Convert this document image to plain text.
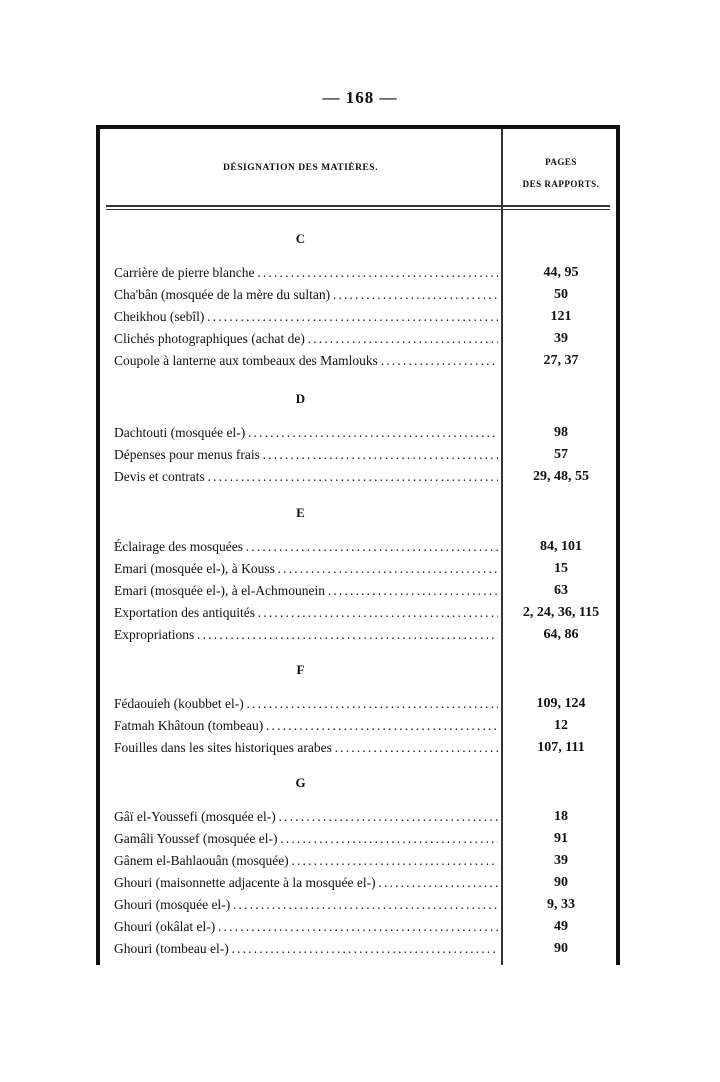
— 168 —
DÉSIGNATION DES MATIÈRES.
PAGES
DES RAPPORTS.
C
Carrière de pierre blanche . . .	44, 95
Cha'bân (mosquée de la mère du sultan) . . .	50
Cheikhou (sebîl) . . .	121
Clichés photographiques (achat de) . . .	39
Coupole à lanterne aux tombeaux des Mamlouks . . .	27, 37
D
Dachtouti (mosquée el-) . . .	98
Dépenses pour menus frais . . .	57
Devis et contrats . . .	29, 48, 55
E
Éclairage des mosquées . . .	84, 101
Emari (mosquée el-), à Kouss . . .	15
Emari (mosquée el-), à el-Achmounein . . .	63
Exportation des antiquités . . .	2, 24, 36, 115
Expropriations . . .	64, 86
F
Fédaouieh (koubbet el-) . . .	109, 124
Fatmah Khâtoun (tombeau) . . .	12
Fouilles dans les sites historiques arabes . . .	107, 111
G
Gâï el-Youssefi (mosquée el-) . . .	18
Gamâli Youssef (mosquée el-) . . .	91
Gânem el-Bahlaouân (mosquée) . . .	39
Ghouri (maisonnette adjacente à la mosquée el-) . . .	90
Ghouri (mosquée el-) . . .	9, 33
Ghouri (okâlat el-) . . .	49
Ghouri (tombeau el-) . . .	90
